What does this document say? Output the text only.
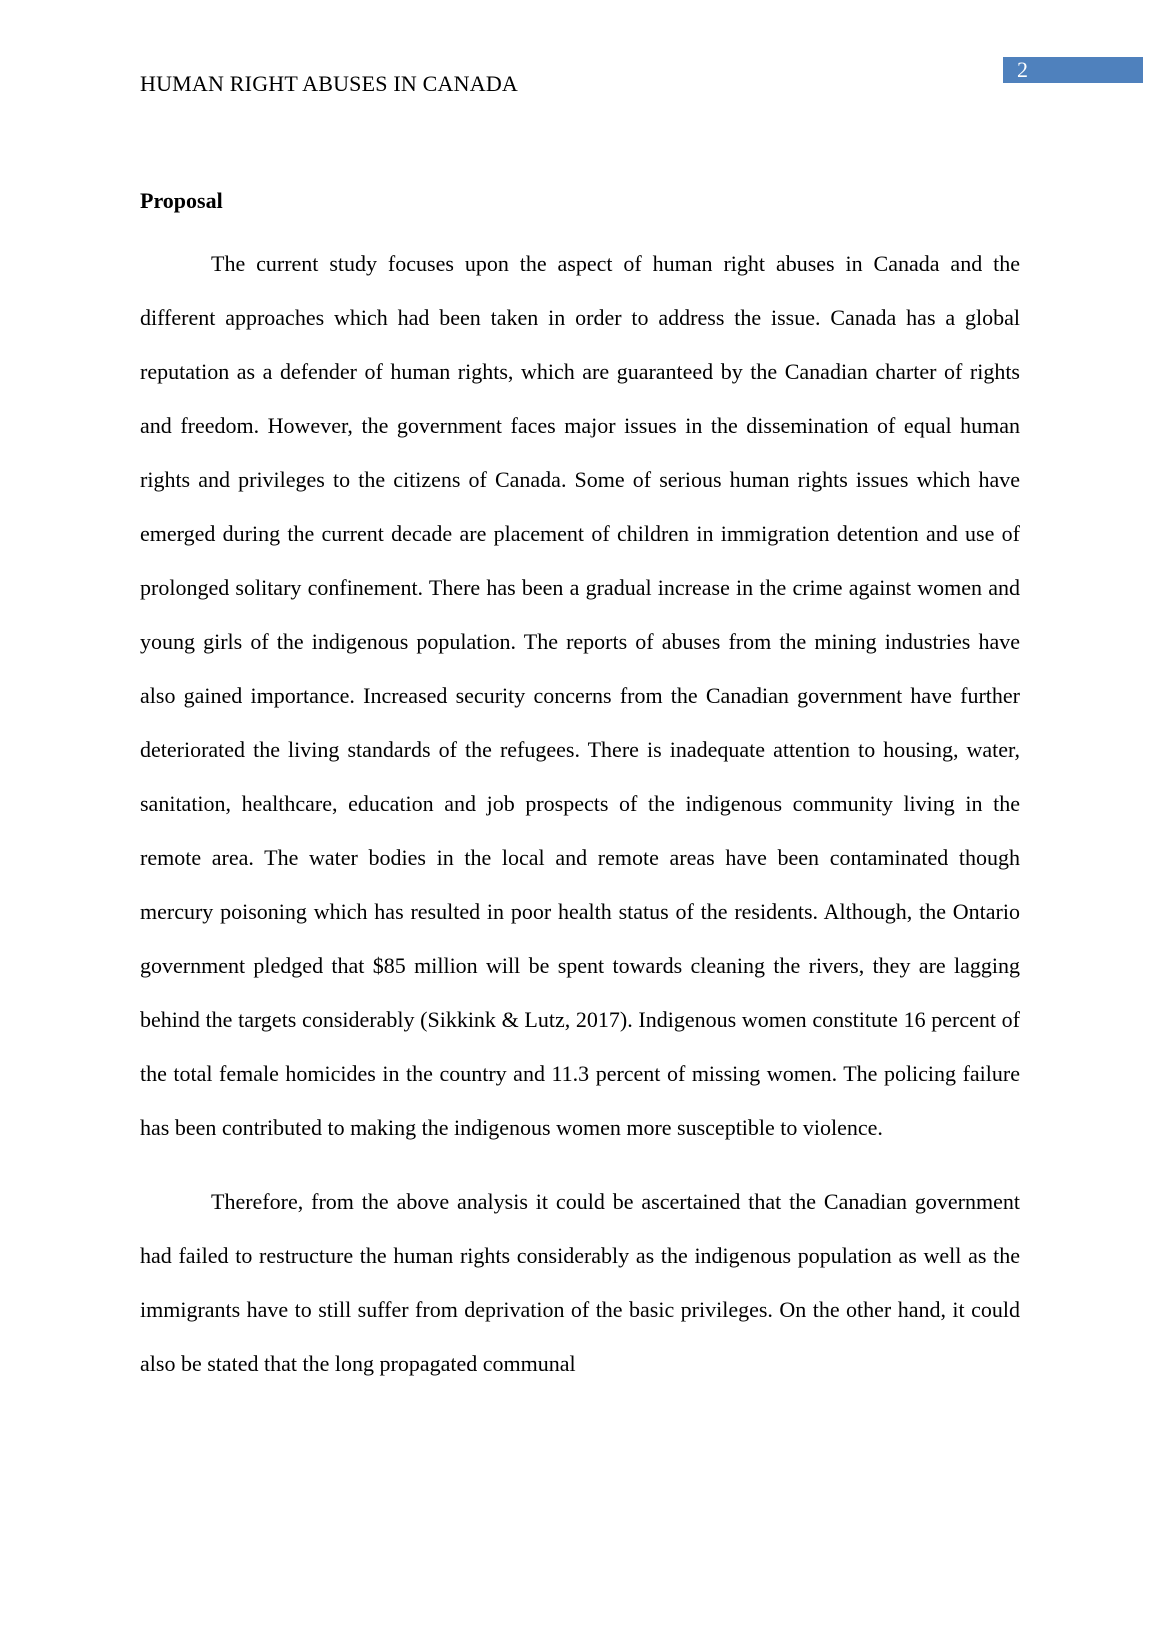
HUMAN RIGHT ABUSES IN CANADA
2
Proposal

The current study focuses upon the aspect of human right abuses in Canada and the different approaches which had been taken in order to address the issue. Canada has a global reputation as a defender of human rights, which are guaranteed by the Canadian charter of rights and freedom. However, the government faces major issues in the dissemination of equal human rights and privileges to the citizens of Canada. Some of serious human rights issues which have emerged during the current decade are placement of children in immigration detention and use of prolonged solitary confinement. There has been a gradual increase in the crime against women and young girls of the indigenous population. The reports of abuses from the mining industries have also gained importance. Increased security concerns from the Canadian government have further deteriorated the living standards of the refugees. There is inadequate attention to housing, water, sanitation, healthcare, education and job prospects of the indigenous community living in the remote area. The water bodies in the local and remote areas have been contaminated though mercury poisoning which has resulted in poor health status of the residents. Although, the Ontario government pledged that $85 million will be spent towards cleaning the rivers, they are lagging behind the targets considerably (Sikkink & Lutz, 2017). Indigenous women constitute 16 percent of the total female homicides in the country and 11.3 percent of missing women. The policing failure has been contributed to making the indigenous women more susceptible to violence.

Therefore, from the above analysis it could be ascertained that the Canadian government had failed to restructure the human rights considerably as the indigenous population as well as the immigrants have to still suffer from deprivation of the basic privileges. On the other hand, it could also be stated that the long propagated communal
